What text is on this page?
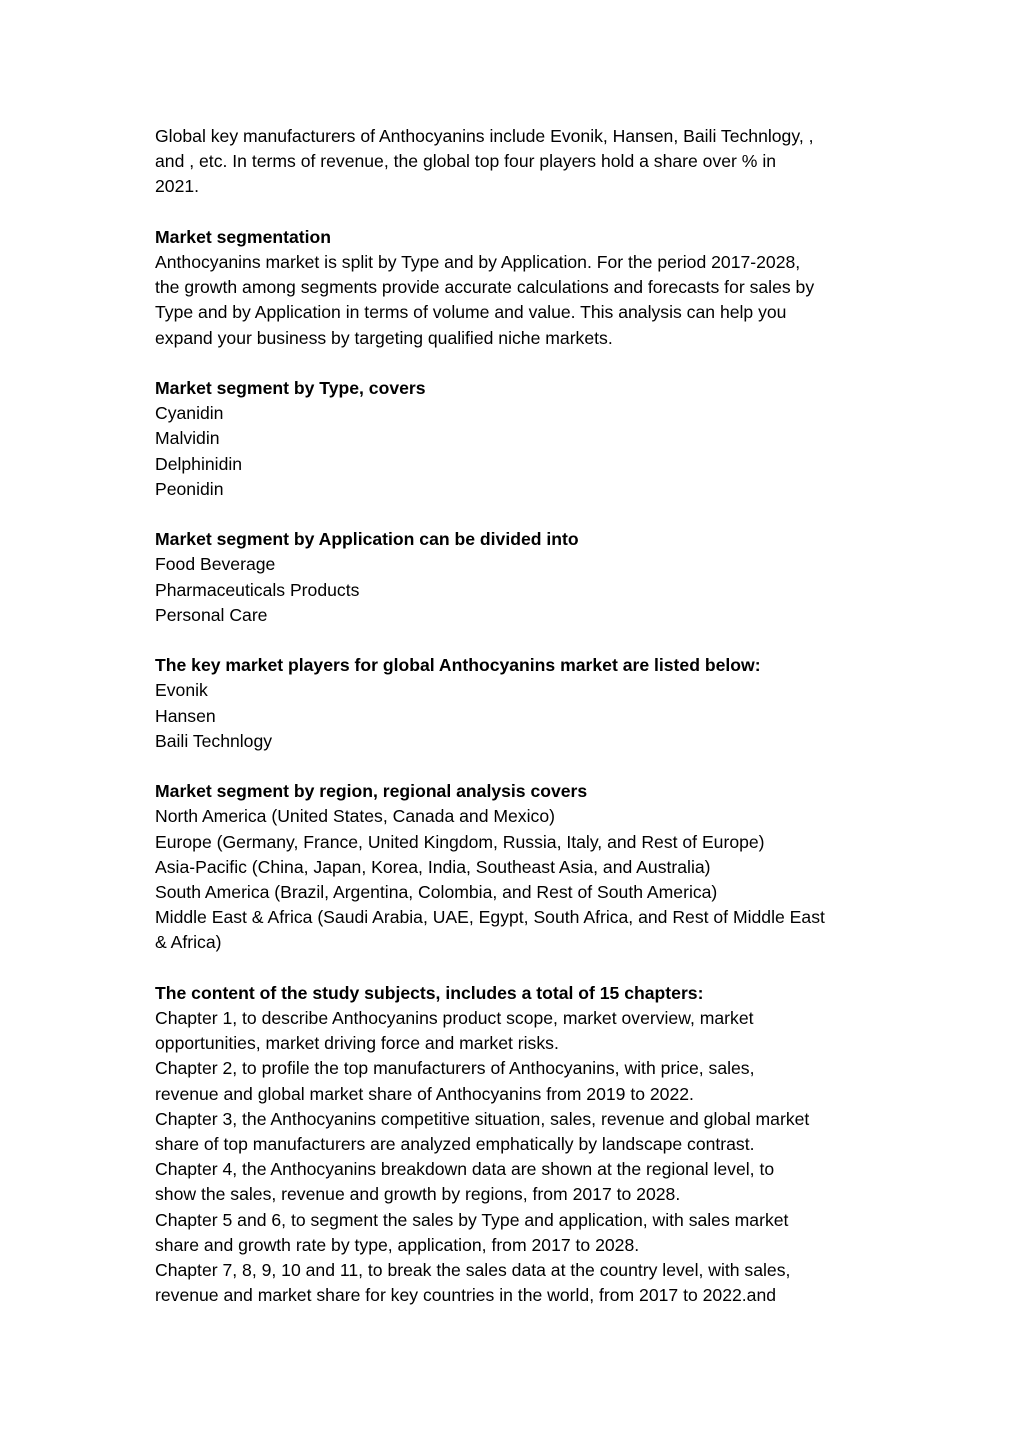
Global key manufacturers of Anthocyanins include Evonik, Hansen, Baili Technlogy, ,
and , etc. In terms of revenue, the global top four players hold a share over % in
2021.
Market segmentation
Anthocyanins market is split by Type and by Application. For the period 2017-2028,
the growth among segments provide accurate calculations and forecasts for sales by
Type and by Application in terms of volume and value. This analysis can help you
expand your business by targeting qualified niche markets.
Market segment by Type, covers
Cyanidin
Malvidin
Delphinidin
Peonidin
Market segment by Application can be divided into
Food Beverage
Pharmaceuticals Products
Personal Care
The key market players for global Anthocyanins market are listed below:
Evonik
Hansen
Baili Technlogy
Market segment by region, regional analysis covers
North America (United States, Canada and Mexico)
Europe (Germany, France, United Kingdom, Russia, Italy, and Rest of Europe)
Asia-Pacific (China, Japan, Korea, India, Southeast Asia, and Australia)
South America (Brazil, Argentina, Colombia, and Rest of South America)
Middle East & Africa (Saudi Arabia, UAE, Egypt, South Africa, and Rest of Middle East
& Africa)
The content of the study subjects, includes a total of 15 chapters:
Chapter 1, to describe Anthocyanins product scope, market overview, market
opportunities, market driving force and market risks.
Chapter 2, to profile the top manufacturers of Anthocyanins, with price, sales,
revenue and global market share of Anthocyanins from 2019 to 2022.
Chapter 3, the Anthocyanins competitive situation, sales, revenue and global market
share of top manufacturers are analyzed emphatically by landscape contrast.
Chapter 4, the Anthocyanins breakdown data are shown at the regional level, to
show the sales, revenue and growth by regions, from 2017 to 2028.
Chapter 5 and 6, to segment the sales by Type and application, with sales market
share and growth rate by type, application, from 2017 to 2028.
Chapter 7, 8, 9, 10 and 11, to break the sales data at the country level, with sales,
revenue and market share for key countries in the world, from 2017 to 2022.and
